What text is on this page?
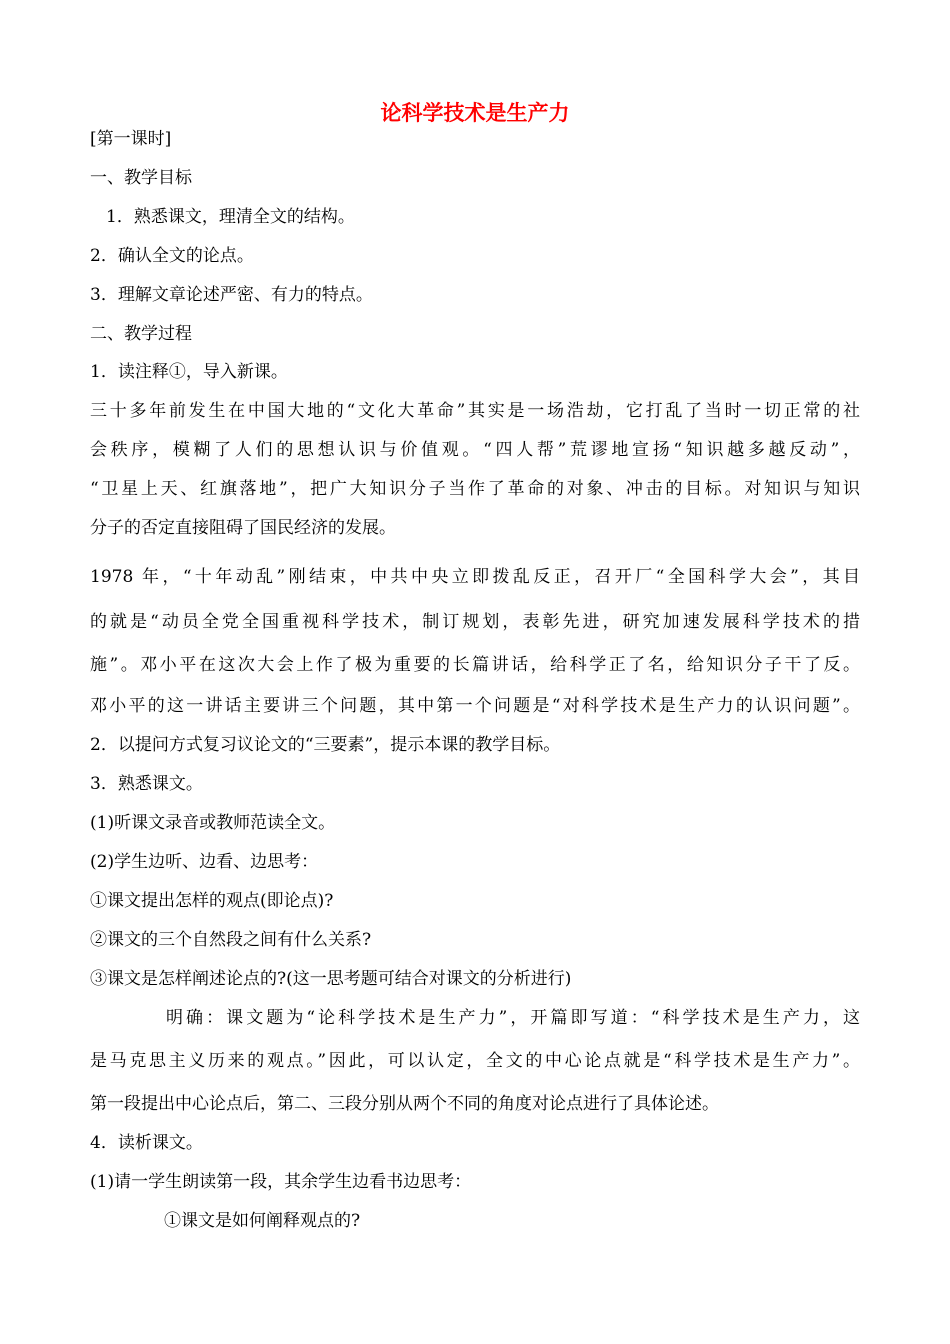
论科学技术是生产力
[第一课时]
一、教学目标
1．熟悉课文，理清全文的结构。
2．确认全文的论点。
3．理解文章论述严密、有力的特点。
二、教学过程
1．读注释①，导入新课。
三十多年前发生在中国大地的“文化大革命”其实是一场浩劫，它打乱了当时一切正常的社
会秩序，模糊了人们的思想认识与价值观。“四人帮”荒谬地宣扬“知识越多越反动”，
“卫星上天、红旗落地”，把广大知识分子当作了革命的对象、冲击的目标。对知识与知识
分子的否定直接阻碍了国民经济的发展。
1978 年，“十年动乱”刚结束，中共中央立即拨乱反正，召开厂“全国科学大会”，其目
的就是“动员全党全国重视科学技术，制订规划，表彰先进，研究加速发展科学技术的措
施”。邓小平在这次大会上作了极为重要的长篇讲话，给科学正了名，给知识分子干了反。
邓小平的这一讲话主要讲三个问题，其中第一个问题是“对科学技术是生产力的认识问题”。
2．以提问方式复习议论文的“三要素”，提示本课的教学目标。
3．熟悉课文。
(1)听课文录音或教师范读全文。
(2)学生边听、边看、边思考：
①课文提出怎样的观点(即论点)?
②课文的三个自然段之间有什么关系?
③课文是怎样阐述论点的?(这一思考题可结合对课文的分析进行)
明确：课文题为“论科学技术是生产力”，开篇即写道：“科学技术是生产力，这
是马克思主义历来的观点。”因此，可以认定，全文的中心论点就是“科学技术是生产力”。
第一段提出中心论点后，第二、三段分别从两个不同的角度对论点进行了具体论述。
4．读析课文。
(1)请一学生朗读第一段，其余学生边看书边思考：
①课文是如何阐释观点的?
